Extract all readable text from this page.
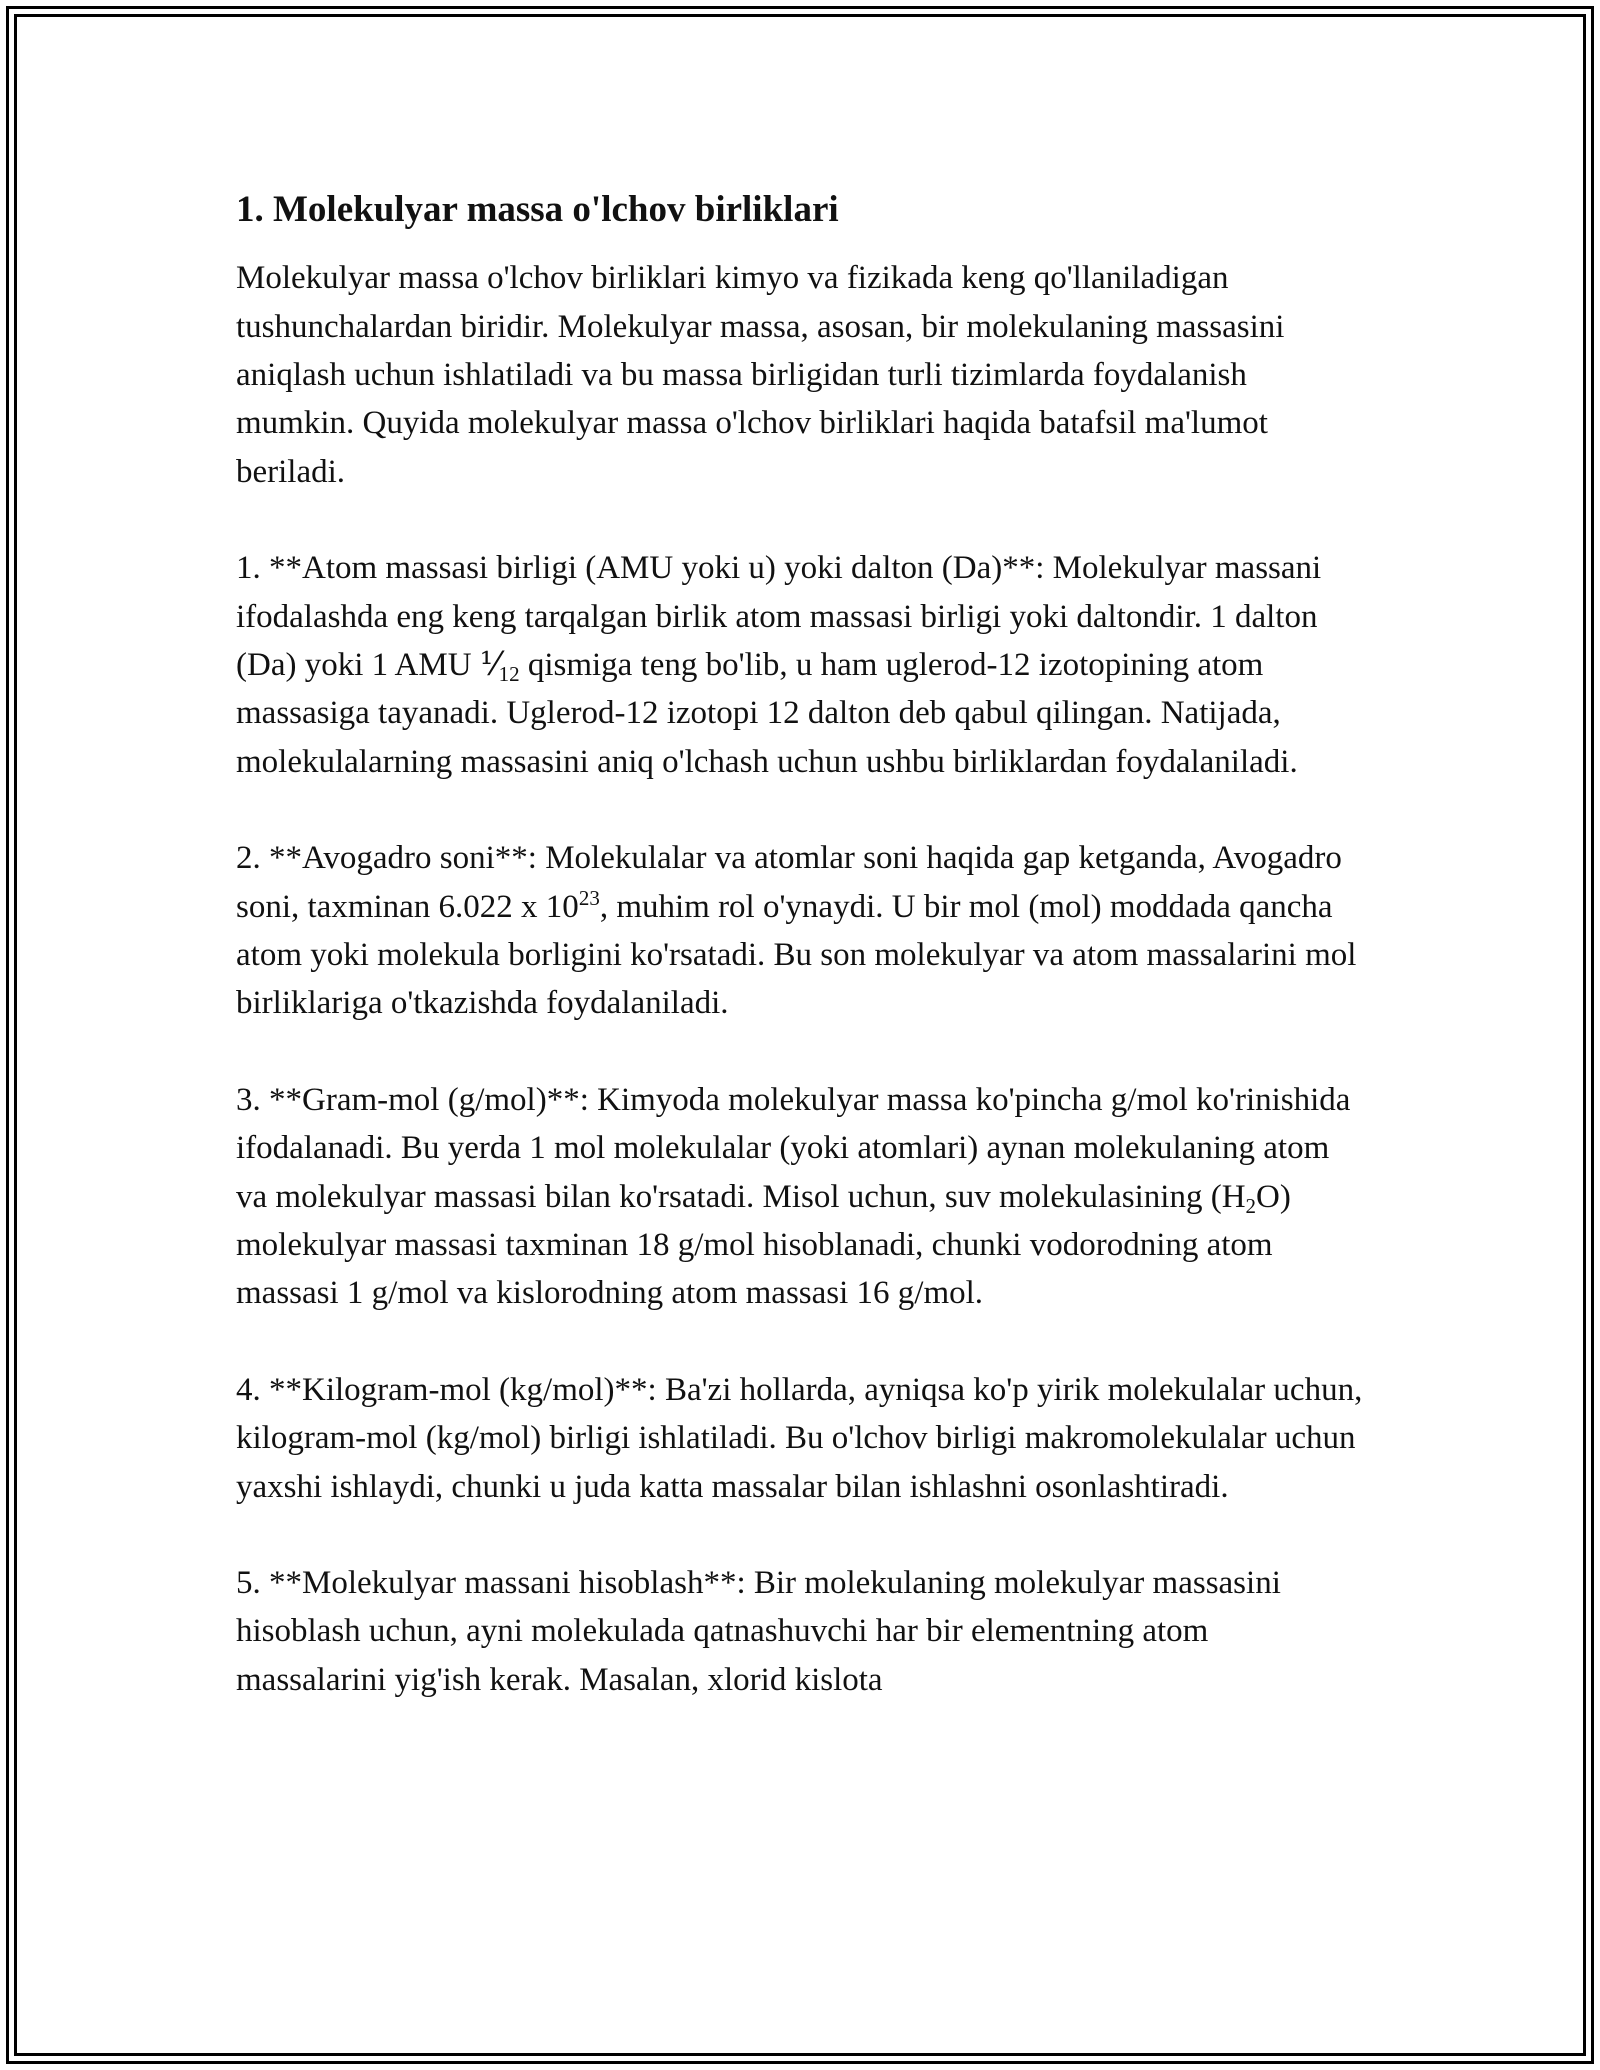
1. Molekulyar massa o'lchov birliklari

Molekulyar massa o'lchov birliklari kimyo va fizikada keng qo'llaniladigan tushunchalardan biridir. Molekulyar massa, asosan, bir molekulaning massasini aniqlash uchun ishlatiladi va bu massa birligidan turli tizimlarda foydalanish mumkin. Quyida molekulyar massa o'lchov birliklari haqida batafsil ma'lumot beriladi.

1. **Atom massasi birligi (AMU yoki u) yoki dalton (Da)**: Molekulyar massani ifodalashda eng keng tarqalgan birlik atom massasi birligi yoki daltondir. 1 dalton (Da) yoki 1 AMU $⅟_{12}$ qismiga teng bo'lib, u ham uglerod-12 izotopining atom massasiga tayanadi. Uglerod-12 izotopi 12 dalton deb qabul qilingan. Natijada, molekulalarning massasini aniq o'lchash uchun ushbu birliklardan foydalaniladi.

2. **Avogadro soni**: Molekulalar va atomlar soni haqida gap ketganda, Avogadro soni, taxminan 6.022 x $10^{23}$, muhim rol o'ynaydi. U bir mol (mol) moddada qancha atom yoki molekula borligini ko'rsatadi. Bu son molekulyar va atom massalarini mol birliklariga o'tkazishda foydalaniladi.

3. **Gram-mol (g/mol)**: Kimyoda molekulyar massa ko'pincha g/mol ko'rinishida ifodalanadi. Bu yerda 1 mol molekulalar (yoki atomlari) aynan molekulaning atom va molekulyar massasi bilan ko'rsatadi. Misol uchun, suv molekulasining $(H_2O)$ molekulyar massasi taxminan 18 g/mol hisoblanadi, chunki vodorodning atom massasi 1 g/mol va kislorodning atom massasi 16 g/mol.

4. **Kilogram-mol (kg/mol)**: Ba'zi hollarda, ayniqsa ko'p yirik molekulalar uchun, kilogram-mol (kg/mol) birligi ishlatiladi. Bu o'lchov birligi makromolekulalar uchun yaxshi ishlaydi, chunki u juda katta massalar bilan ishlashni osonlashtiradi.

5. **Molekulyar massani hisoblash**: Bir molekulaning molekulyar massasini hisoblash uchun, ayni molekulada qatnashuvchi har bir elementning atom massalarini yig'ish kerak. Masalan, xlorid kislota
